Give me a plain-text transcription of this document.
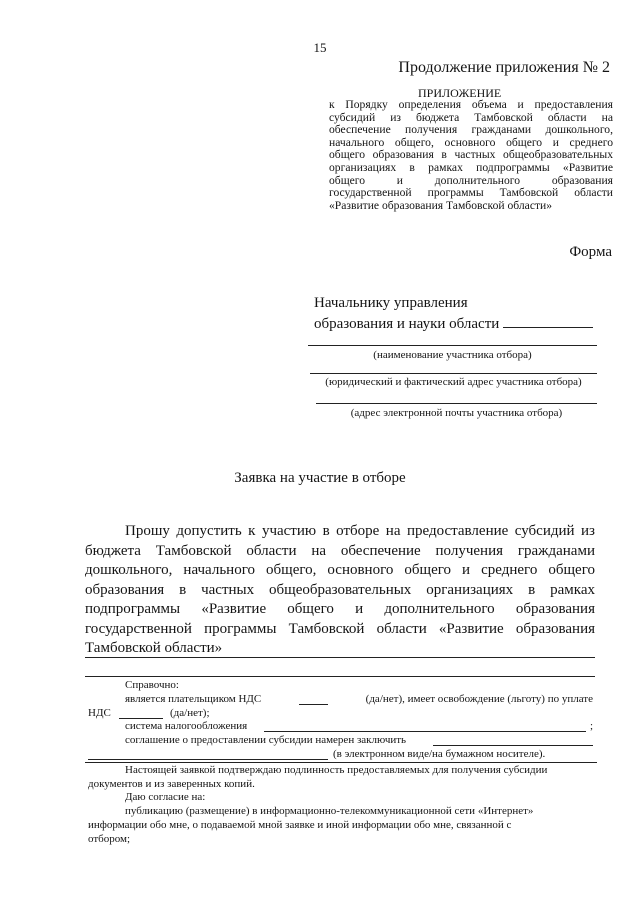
15
Продолжение приложения № 2
ПРИЛОЖЕНИЕ
к Порядку определения объема и предоставления
субсидий из бюджета Тамбовской области на
обеспечение получения гражданами дошкольного,
начального общего, основного общего и среднего
общего образования в частных общеобразовательных
организациях в рамках подпрограммы «Развитие
общего и дополнительного образования
государственной программы Тамбовской области
«Развитие образования Тамбовской области»
Форма
Начальнику управления
образования и науки области
(наименование участника отбора)
(юридический и фактический адрес участника отбора)
(адрес электронной почты участника отбора)
Заявка на участие в отборе
Прошу допустить к участию в отборе на предоставление субсидий из
бюджета Тамбовской области на обеспечение получения гражданами
дошкольного, начального общего, основного общего и среднего общего
образования в частных общеобразовательных организациях в рамках
подпрограммы «Развитие общего и дополнительного образования
государственной программы Тамбовской области «Развитие образования
Тамбовской области»
Справочно:
является плательщиком НДС	(да/нет), имеет освобождение (льготу) по уплате
НДС	(да/нет);
система налогообложения	;
соглашение о предоставлении субсидии намерен заключить
(в электронном виде/на бумажном носителе).
Настоящей заявкой подтверждаю подлинность предоставляемых для получения субсидии
документов и из заверенных копий.
Даю согласие на:
публикацию (размещение) в информационно-телекоммуникационной сети «Интернет»
информации обо мне, о подаваемой мной заявке и иной информации обо мне, связанной с
отбором;
